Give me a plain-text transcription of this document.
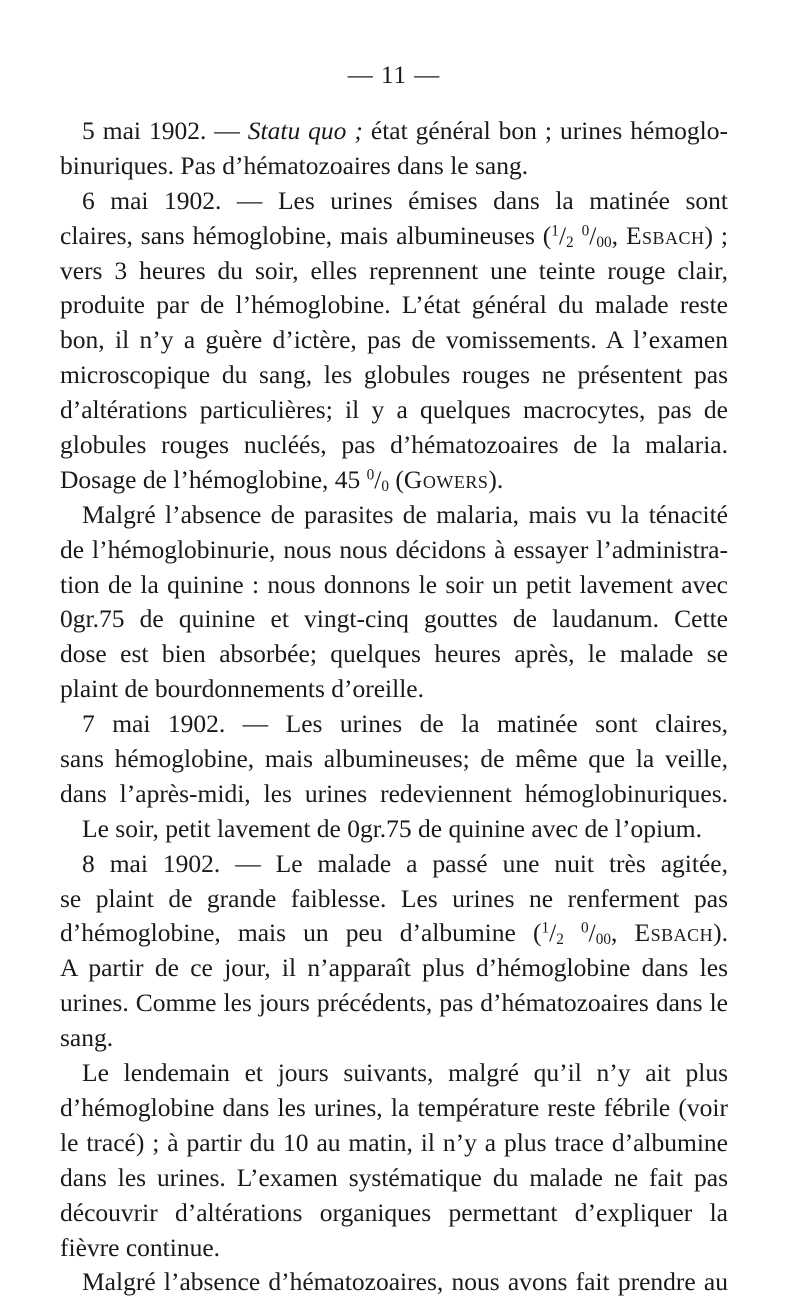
— 11 —
5 mai 1902. — Statu quo ; état général bon ; urines hémoglo-
binuriques. Pas d’hématozoaires dans le sang.
6 mai 1902. — Les urines émises dans la matinée sont
claires, sans hémoglobine, mais albumineuses ($^1/_2$ $^0/_{00}$, Esbach) ;
vers 3 heures du soir, elles reprennent une teinte rouge clair,
produite par de l’hémoglobine. L’état général du malade reste
bon, il n’y a guère d’ictère, pas de vomissements. A l’examen
microscopique du sang, les globules rouges ne présentent pas
d’altérations particulières; il y a quelques macrocytes, pas de
globules rouges nucléés, pas d’hématozoaires de la malaria.
Dosage de l’hémoglobine, 45 $^0/_0$ (Gowers).
Malgré l’absence de parasites de malaria, mais vu la ténacité
de l’hémoglobinurie, nous nous décidons à essayer l’administra-
tion de la quinine : nous donnons le soir un petit lavement avec
0gr.75 de quinine et vingt-cinq gouttes de laudanum. Cette
dose est bien absorbée; quelques heures après, le malade se
plaint de bourdonnements d’oreille.
7 mai 1902. — Les urines de la matinée sont claires,
sans hémoglobine, mais albumineuses; de même que la veille,
dans l’après-midi, les urines redeviennent hémoglobinuriques.
Le soir, petit lavement de 0gr.75 de quinine avec de l’opium.
8 mai 1902. — Le malade a passé une nuit très agitée,
se plaint de grande faiblesse. Les urines ne renferment pas
d’hémoglobine, mais un peu d’albumine ($^1/_2$ $^0/_{00}$, Esbach).
A partir de ce jour, il n’apparaît plus d’hémoglobine dans les
urines. Comme les jours précédents, pas d’hématozoaires dans le
sang.
Le lendemain et jours suivants, malgré qu’il n’y ait plus
d’hémoglobine dans les urines, la température reste fébrile (voir
le tracé) ; à partir du 10 au matin, il n’y a plus trace d’albumine
dans les urines. L’examen systématique du malade ne fait pas
découvrir d’altérations organiques permettant d’expliquer la
fièvre continue.
Malgré l’absence d’hématozoaires, nous avons fait prendre au
